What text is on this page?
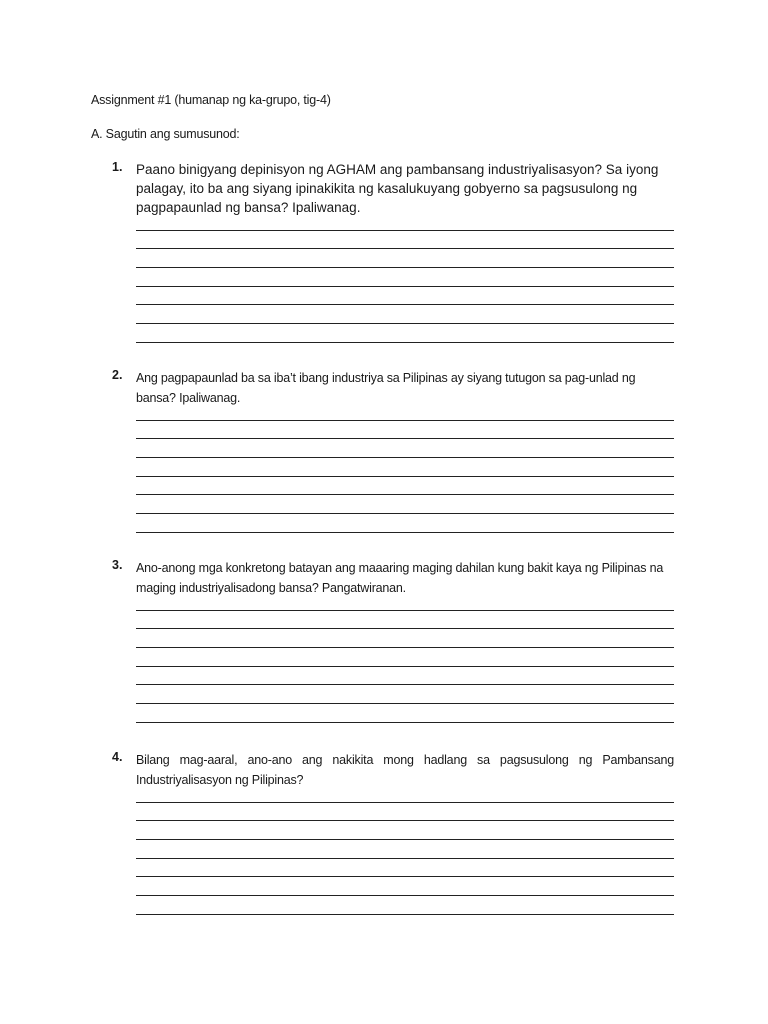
Assignment #1 (humanap ng ka-grupo, tig-4)
A. Sagutin ang sumusunod:
1. Paano binigyang depinisyon ng AGHAM ang pambansang industriyalisasyon? Sa iyong palagay, ito ba ang siyang ipinakikita ng kasalukuyang gobyerno sa pagsusulong ng pagpapaunlad ng bansa? Ipaliwanag.
2. Ang pagpapaunlad ba sa iba’t ibang industriya sa Pilipinas ay siyang tutugon sa pag-unlad ng bansa? Ipaliwanag.
3. Ano-anong mga konkretong batayan ang maaaring maging dahilan kung bakit kaya ng Pilipinas na maging industriyalisadong bansa? Pangatwiranan.
4. Bilang mag-aaral, ano-ano ang nakikita mong hadlang sa pagsusulong ng Pambansang Industriyalisasyon ng Pilipinas?
